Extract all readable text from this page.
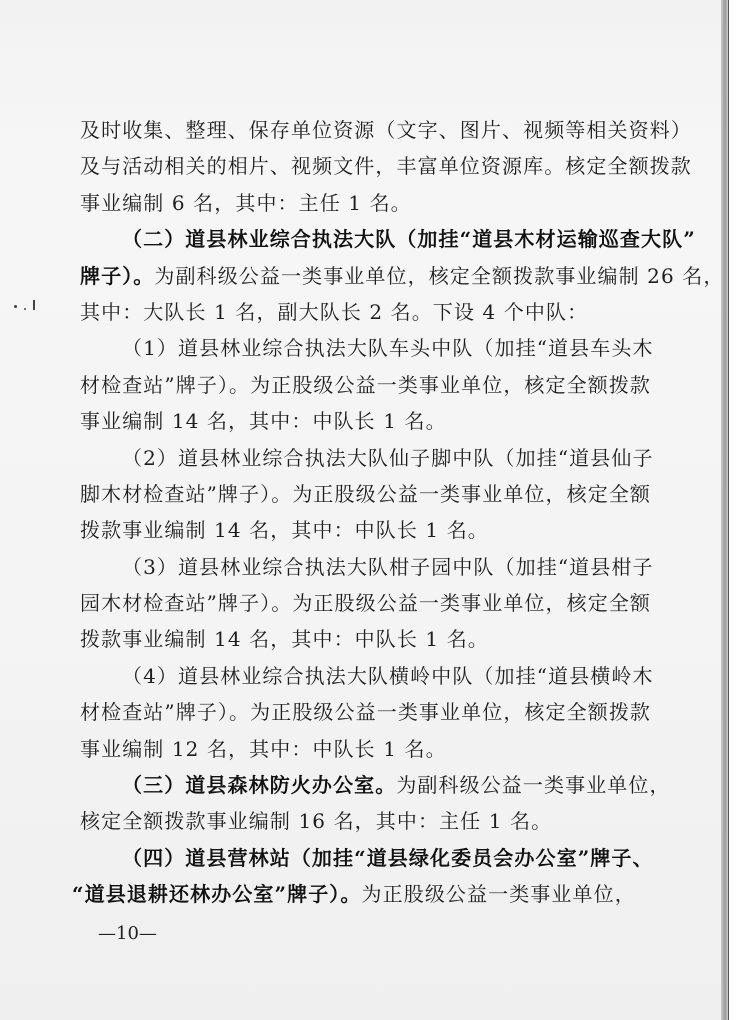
及时收集、整理、保存单位资源（文字、图片、视频等相关资料）
及与活动相关的相片、视频文件，丰富单位资源库。核定全额拨款
事业编制 6 名，其中：主任 1 名。
（二）道县林业综合执法大队（加挂“道县木材运输巡查大队”
牌子）。为副科级公益一类事业单位，核定全额拨款事业编制 26 名，
其中：大队长 1 名，副大队长 2 名。下设 4 个中队：
（1）道县林业综合执法大队车头中队（加挂“道县车头木
材检查站”牌子）。为正股级公益一类事业单位，核定全额拨款
事业编制 14 名，其中：中队长 1 名。
（2）道县林业综合执法大队仙子脚中队（加挂“道县仙子
脚木材检查站”牌子）。为正股级公益一类事业单位，核定全额
拨款事业编制 14 名，其中：中队长 1 名。
（3）道县林业综合执法大队柑子园中队（加挂“道县柑子
园木材检查站”牌子）。为正股级公益一类事业单位，核定全额
拨款事业编制 14 名，其中：中队长 1 名。
（4）道县林业综合执法大队横岭中队（加挂“道县横岭木
材检查站”牌子）。为正股级公益一类事业单位，核定全额拨款
事业编制 12 名，其中：中队长 1 名。
（三）道县森林防火办公室。为副科级公益一类事业单位，
核定全额拨款事业编制 16 名，其中：主任 1 名。
（四）道县营林站（加挂“道县绿化委员会办公室”牌子、
“道县退耕还林办公室”牌子）。为正股级公益一类事业单位，
—10—
